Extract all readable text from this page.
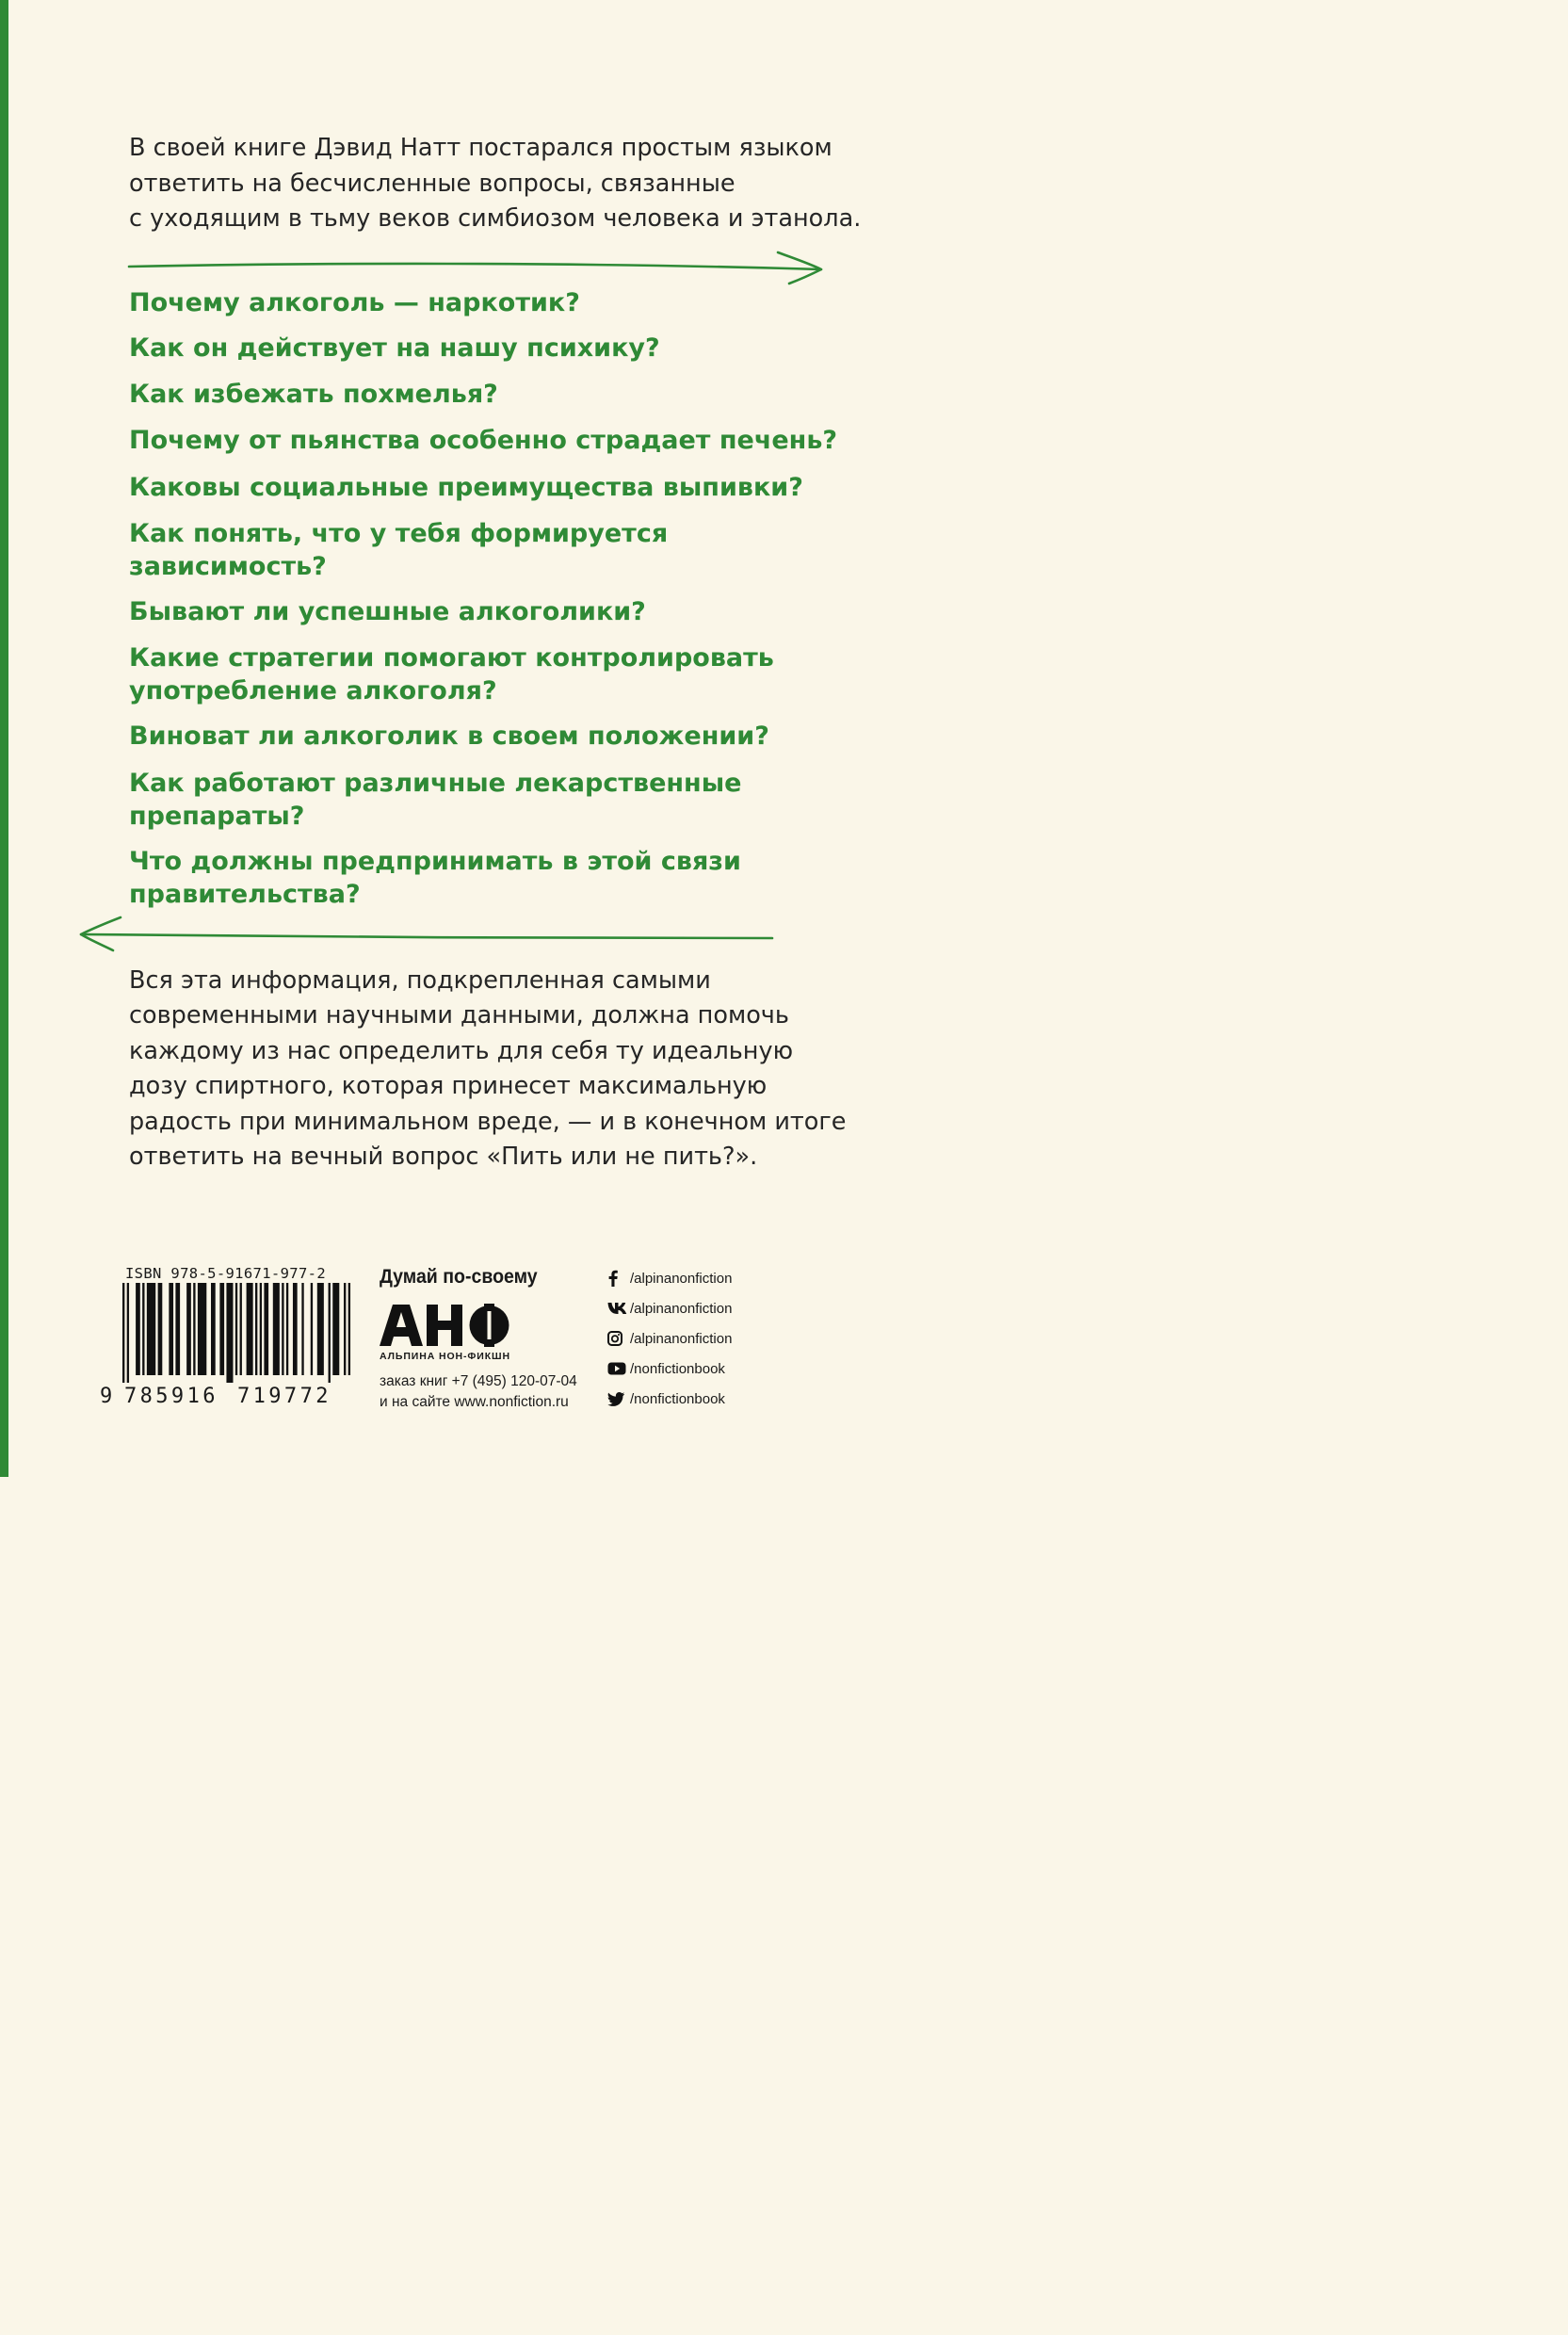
В своей книге Дэвид Натт постарался простым языком
ответить на бесчисленные вопросы, связанные
с уходящим в тьму веков симбиозом человека и этанола.
Почему алкоголь — наркотик?
Как он действует на нашу психику?
Как избежать похмелья?
Почему от пьянства особенно страдает печень?
Каковы социальные преимущества выпивки?
Как понять, что у тебя формируется
зависимость?
Бывают ли успешные алкоголики?
Какие стратегии помогают контролировать
употребление алкоголя?
Виноват ли алкоголик в своем положении?
Как работают различные лекарственные
препараты?
Что должны предпринимать в этой связи
правительства?
Вся эта информация, подкрепленная самыми
современными научными данными, должна помочь
каждому из нас определить для себя ту идеальную
дозу спиртного, которая принесет максимальную
радость при минимальном вреде, — и в конечном итоге
ответить на вечный вопрос «Пить или не пить?».
ISBN 978-5-91671-977-2
9 785916 719772
Думай по-своему
АЛЬПИНА НОН-ФИКШН
заказ книг +7 (495) 120-07-04
и на сайте www.nonfiction.ru
/alpinanonfiction
/alpinanonfiction
/alpinanonfiction
/nonfictionbook
/nonfictionbook
